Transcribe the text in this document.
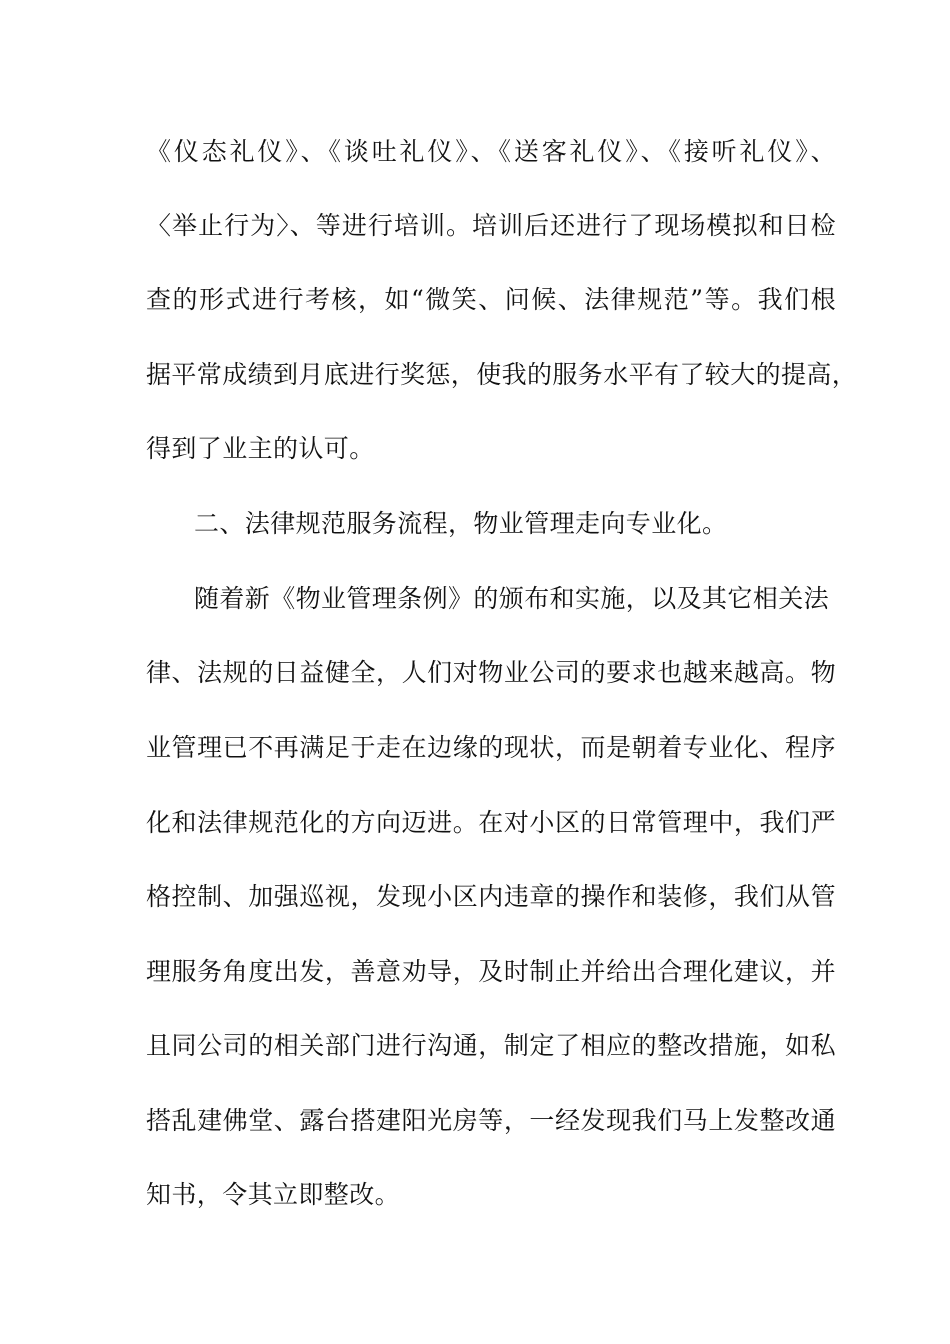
《仪态礼仪》、《谈吐礼仪》、《送客礼仪》、《接听礼仪》、
〈举止行为〉、等进行培训。培训后还进行了现场模拟和日检
查的形式进行考核，如“微笑、问候、法律规范”等。我们根
据平常成绩到月底进行奖惩，使我的服务水平有了较大的提高，
得到了业主的认可。
二、法律规范服务流程，物业管理走向专业化。
随着新《物业管理条例》的颁布和实施，以及其它相关法
律、法规的日益健全，人们对物业公司的要求也越来越高。物
业管理已不再满足于走在边缘的现状，而是朝着专业化、程序
化和法律规范化的方向迈进。在对小区的日常管理中，我们严
格控制、加强巡视，发现小区内违章的操作和装修，我们从管
理服务角度出发，善意劝导，及时制止并给出合理化建议，并
且同公司的相关部门进行沟通，制定了相应的整改措施，如私
搭乱建佛堂、露台搭建阳光房等，一经发现我们马上发整改通
知书，令其立即整改。
